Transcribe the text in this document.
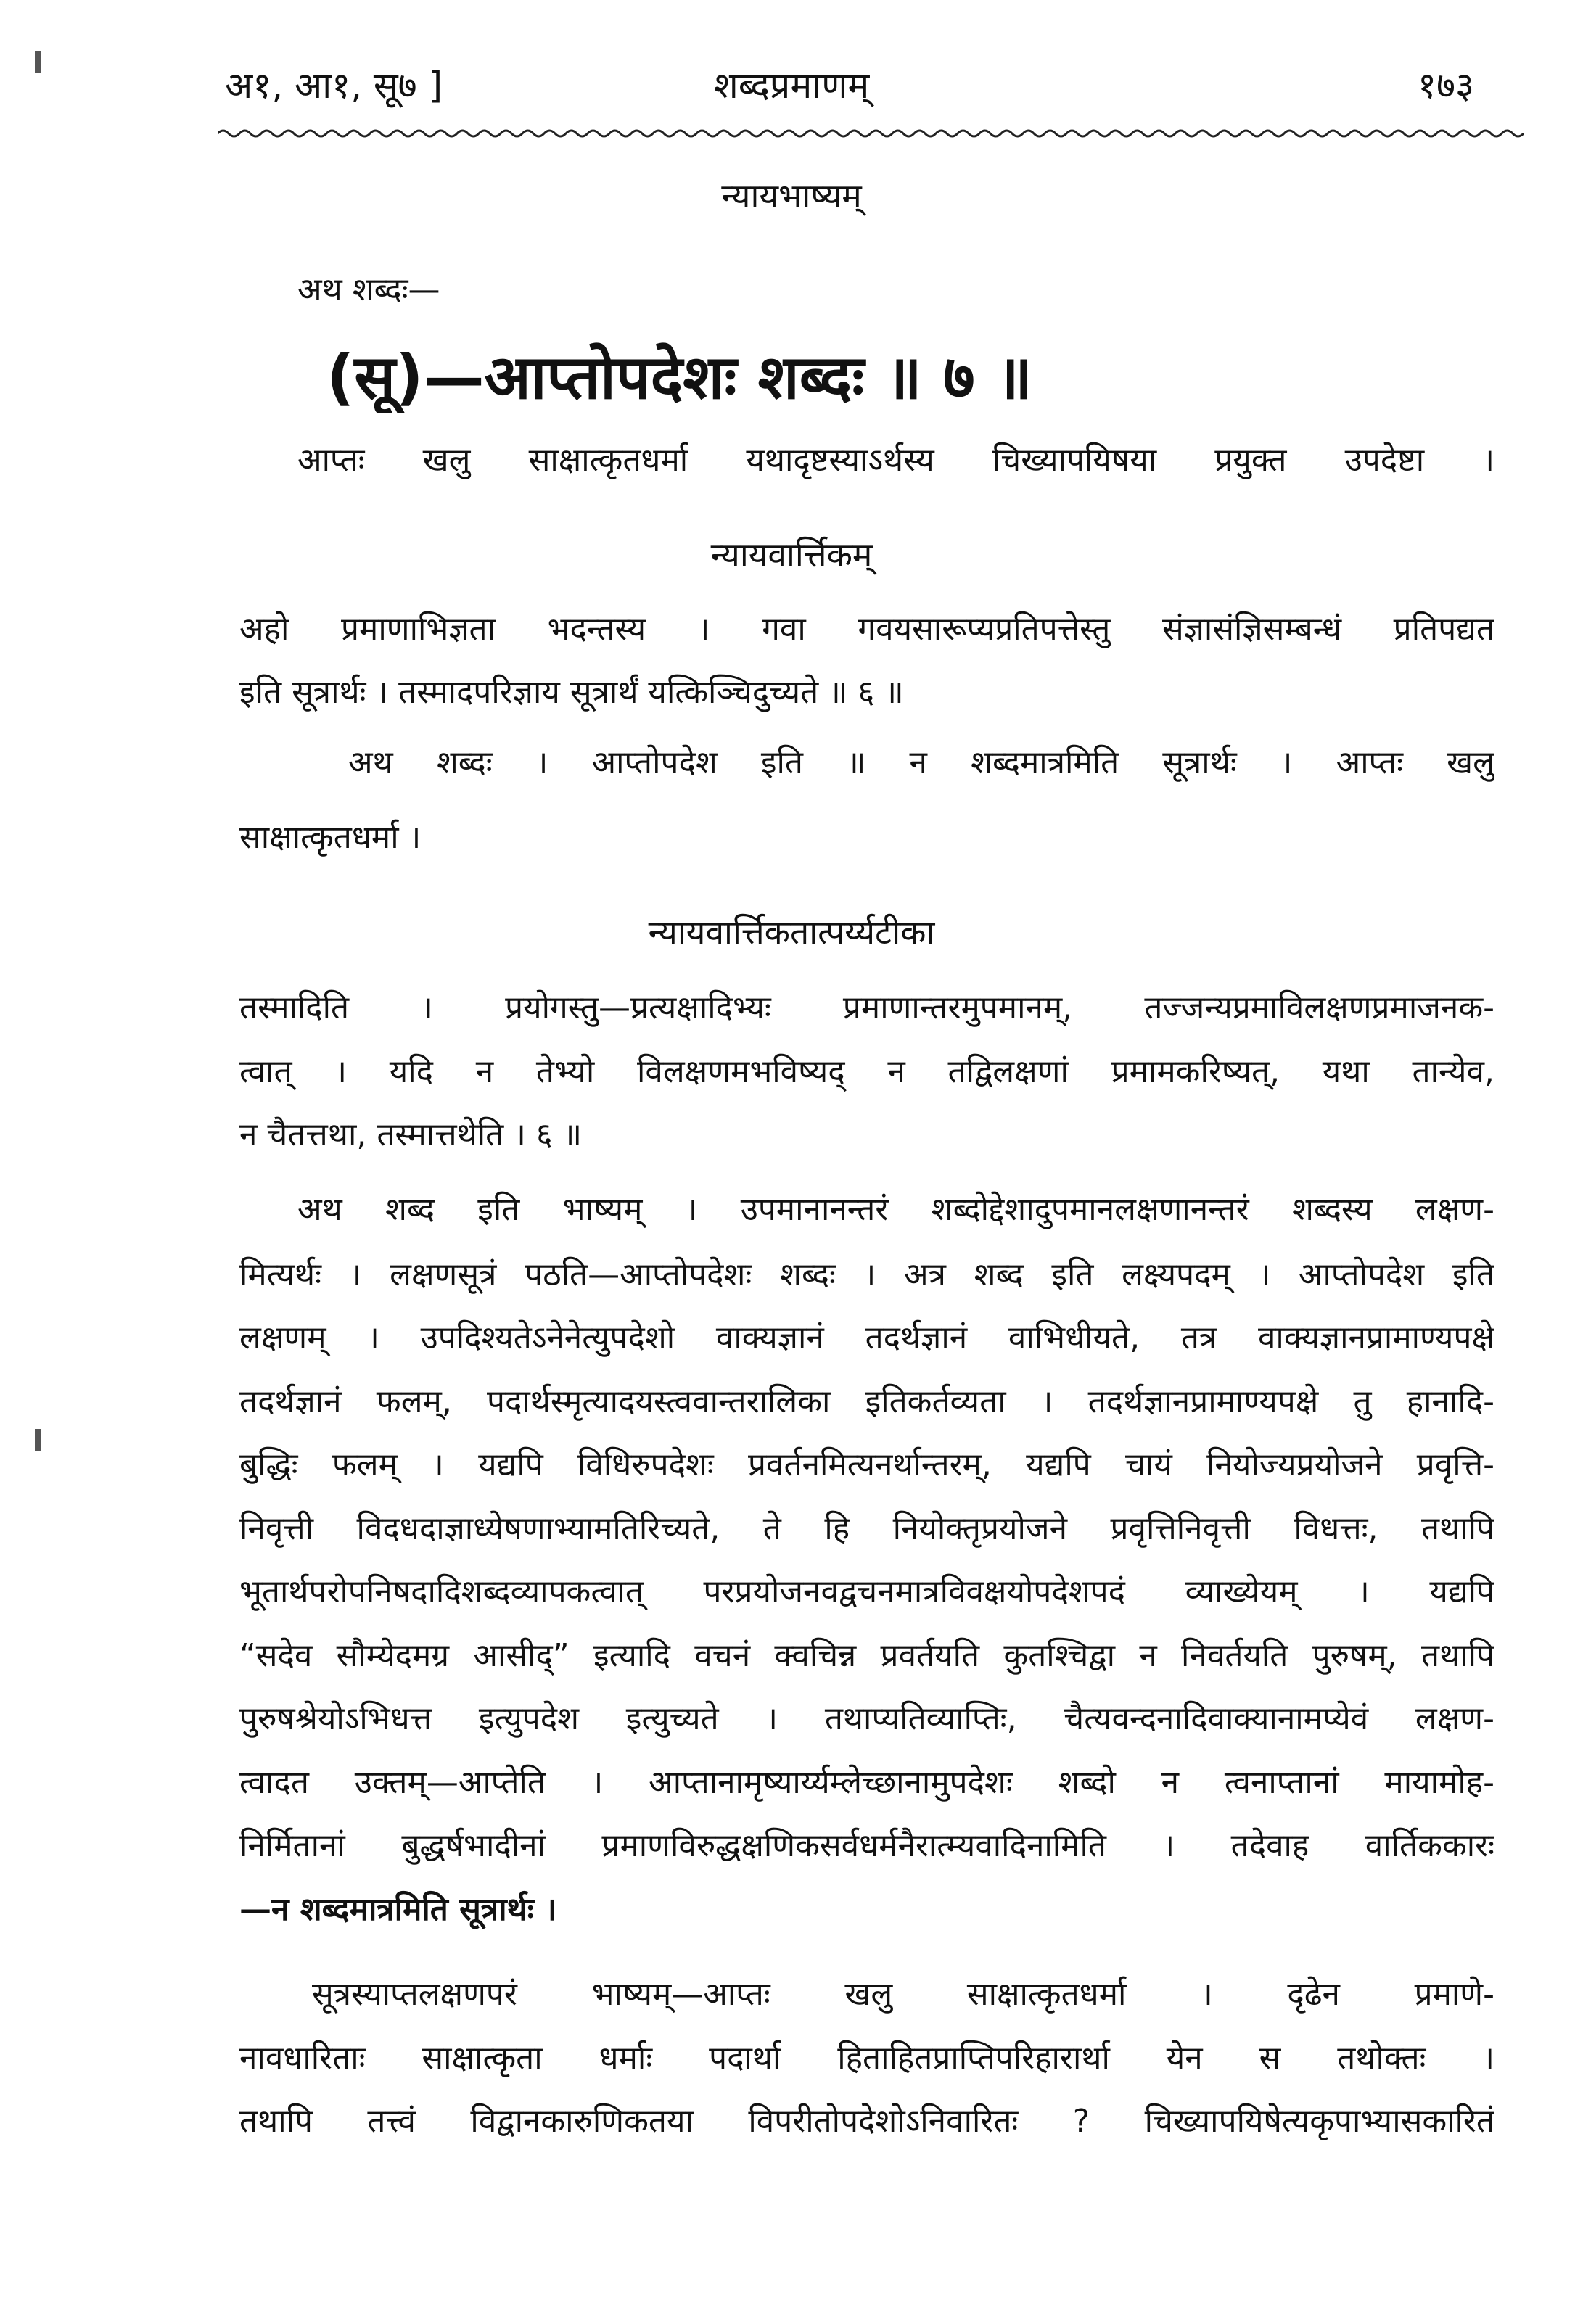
अ१, आ१, सू७ ]	शब्दप्रमाणम्	१७३
न्यायभाष्यम्
अथ शब्दः—
(सू)—आप्तोपदेशः शब्दः ॥ ७ ॥
आप्तः खलु साक्षात्कृतधर्मा यथादृष्टस्याऽर्थस्य चिख्यापयिषया प्रयुक्त उपदेष्टा ।
न्यायवार्त्तिकम्
अहो प्रमाणाभिज्ञता भदन्तस्य । गवा गवयसारूप्यप्रतिपत्तेस्तु संज्ञासंज्ञिसम्बन्धं प्रतिपद्यत
इति सूत्रार्थः । तस्मादपरिज्ञाय सूत्रार्थं यत्किञ्चिदुच्यते ॥ ६ ॥
अथ शब्दः । आप्तोपदेश इति ॥ न शब्दमात्रमिति सूत्रार्थः । आप्तः खलु
साक्षात्कृतधर्मा ।
न्यायवार्त्तिकतात्पर्य्यटीका
तस्मादिति । प्रयोगस्तु—प्रत्यक्षादिभ्यः प्रमाणान्तरमुपमानम्, तज्जन्यप्रमाविलक्षणप्रमाजनक-
त्वात् । यदि न तेभ्यो विलक्षणमभविष्यद् न तद्विलक्षणां प्रमामकरिष्यत्, यथा तान्येव,
न चैतत्तथा, तस्मात्तथेति । ६ ॥
अथ शब्द इति भाष्यम् । उपमानानन्तरं शब्दोद्देशादुपमानलक्षणानन्तरं शब्दस्य लक्षण-
मित्यर्थः । लक्षणसूत्रं पठति—आप्तोपदेशः शब्दः । अत्र शब्द इति लक्ष्यपदम् । आप्तोपदेश इति
लक्षणम् । उपदिश्यतेऽनेनेत्युपदेशो वाक्यज्ञानं तदर्थज्ञानं वाभिधीयते, तत्र वाक्यज्ञानप्रामाण्यपक्षे
तदर्थज्ञानं फलम्, पदार्थस्मृत्यादयस्त्ववान्तरालिका इतिकर्तव्यता । तदर्थज्ञानप्रामाण्यपक्षे तु हानादि-
बुद्धिः फलम् । यद्यपि विधिरुपदेशः प्रवर्तनमित्यनर्थान्तरम्, यद्यपि चायं नियोज्यप्रयोजने प्रवृत्ति-
निवृत्ती विदधदाज्ञाध्येषणाभ्यामतिरिच्यते, ते हि नियोक्तृप्रयोजने प्रवृत्तिनिवृत्ती विधत्तः, तथापि
भूतार्थपरोपनिषदादिशब्दव्यापकत्वात् परप्रयोजनवद्वचनमात्रविवक्षयोपदेशपदं व्याख्येयम् । यद्यपि
“सदेव सौम्येदमग्र आसीद्” इत्यादि वचनं क्वचिन्न प्रवर्तयति कुतश्चिद्वा न निवर्तयति पुरुषम्, तथापि
पुरुषश्रेयोऽभिधत्त इत्युपदेश इत्युच्यते । तथाप्यतिव्याप्तिः, चैत्यवन्दनादिवाक्यानामप्येवं लक्षण-
त्वादत उक्तम्—आप्तेति । आप्तानामृष्यार्य्यम्लेच्छानामुपदेशः शब्दो न त्वनाप्तानां मायामोह-
निर्मितानां बुद्धर्षभादीनां प्रमाणविरुद्धक्षणिकसर्वधर्मनैरात्म्यवादिनामिति । तदेवाह वार्तिककारः
—न शब्दमात्रमिति सूत्रार्थः ।
सूत्रस्याप्तलक्षणपरं भाष्यम्—आप्तः खलु साक्षात्कृतधर्मा । दृढेन प्रमाणे-
नावधारिताः साक्षात्कृता धर्माः पदार्था हिताहितप्राप्तिपरिहारार्था येन स तथोक्तः ।
तथापि तत्त्वं विद्वानकारुणिकतया विपरीतोपदेशोऽनिवारितः ? चिख्यापयिषेत्यकृपाभ्यासकारितं
